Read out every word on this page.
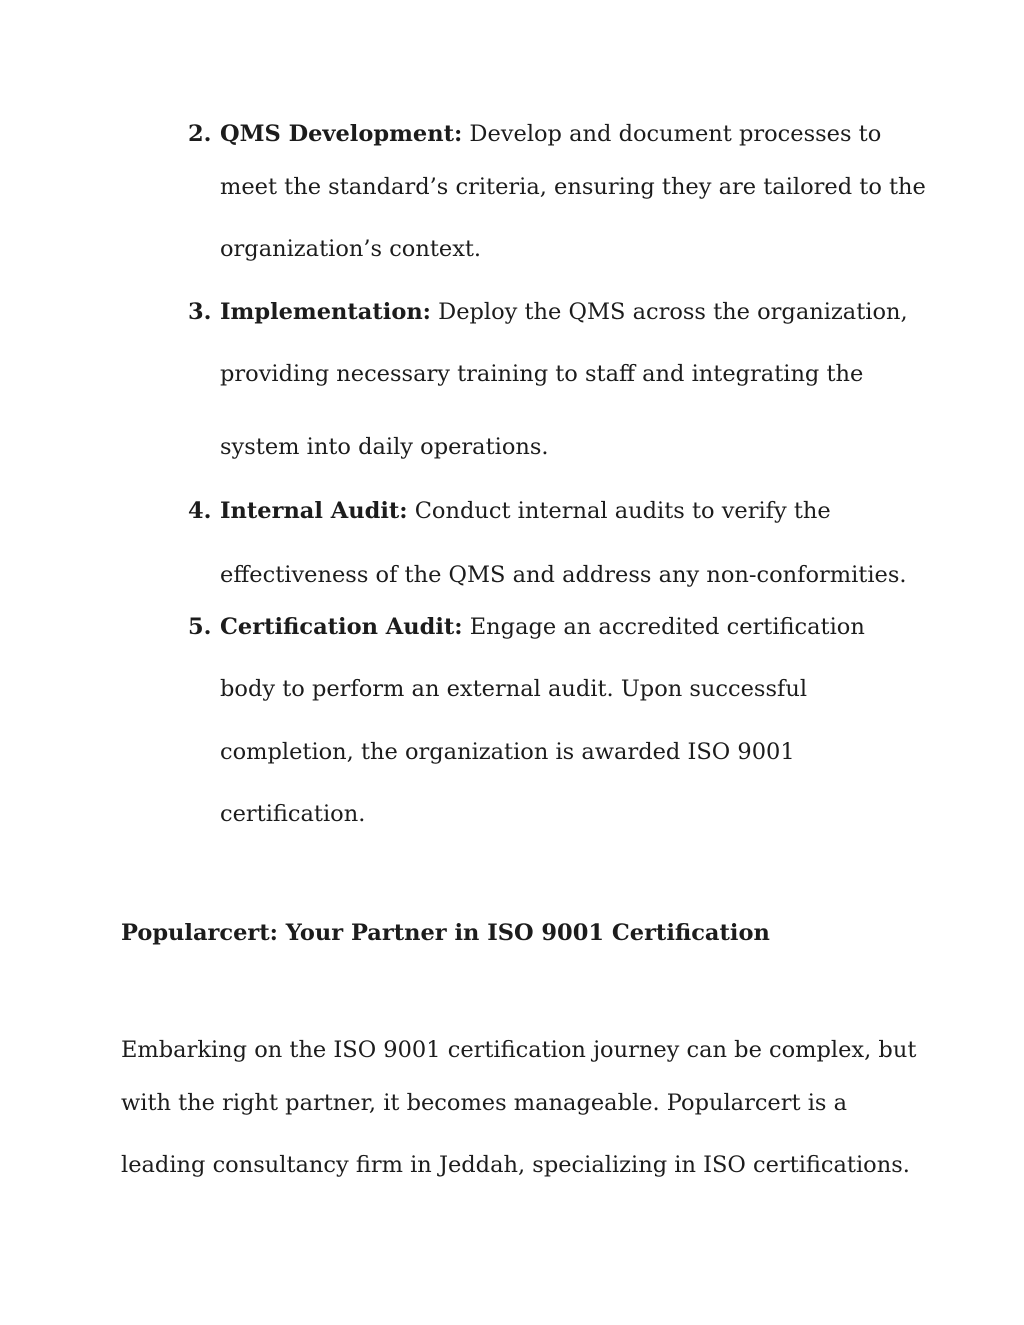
2. QMS Development: Develop and document processes to
meet the standard’s criteria, ensuring they are tailored to the
organization’s context.
3. Implementation: Deploy the QMS across the organization,
providing necessary training to staff and integrating the
system into daily operations.
4. Internal Audit: Conduct internal audits to verify the
effectiveness of the QMS and address any non-conformities.
5. Certification Audit: Engage an accredited certification
body to perform an external audit. Upon successful
completion, the organization is awarded ISO 9001
certification.
Popularcert: Your Partner in ISO 9001 Certification
Embarking on the ISO 9001 certification journey can be complex, but
with the right partner, it becomes manageable. Popularcert is a
leading consultancy firm in Jeddah, specializing in ISO certifications.
